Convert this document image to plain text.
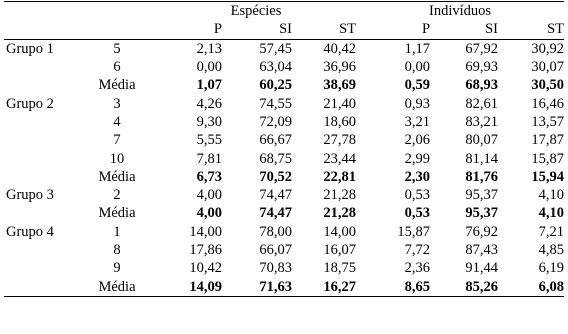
		Espécies			Indivíduos		
		P	SI	ST	P	SI	ST
Grupo 1	5	2,13	57,45	40,42	1,17	67,92	30,92
	6	0,00	63,04	36,96	0,00	69,93	30,07
	Média	1,07	60,25	38,69	0,59	68,93	30,50
Grupo 2	3	4,26	74,55	21,40	0,93	82,61	16,46
	4	9,30	72,09	18,60	3,21	83,21	13,57
	7	5,55	66,67	27,78	2,06	80,07	17,87
	10	7,81	68,75	23,44	2,99	81,14	15,87
	Média	6,73	70,52	22,81	2,30	81,76	15,94
Grupo 3	2	4,00	74,47	21,28	0,53	95,37	4,10
	Média	4,00	74,47	21,28	0,53	95,37	4,10
Grupo 4	1	14,00	78,00	14,00	15,87	76,92	7,21
	8	17,86	66,07	16,07	7,72	87,43	4,85
	9	10,42	70,83	18,75	2,36	91,44	6,19
	Média	14,09	71,63	16,27	8,65	85,26	6,08
